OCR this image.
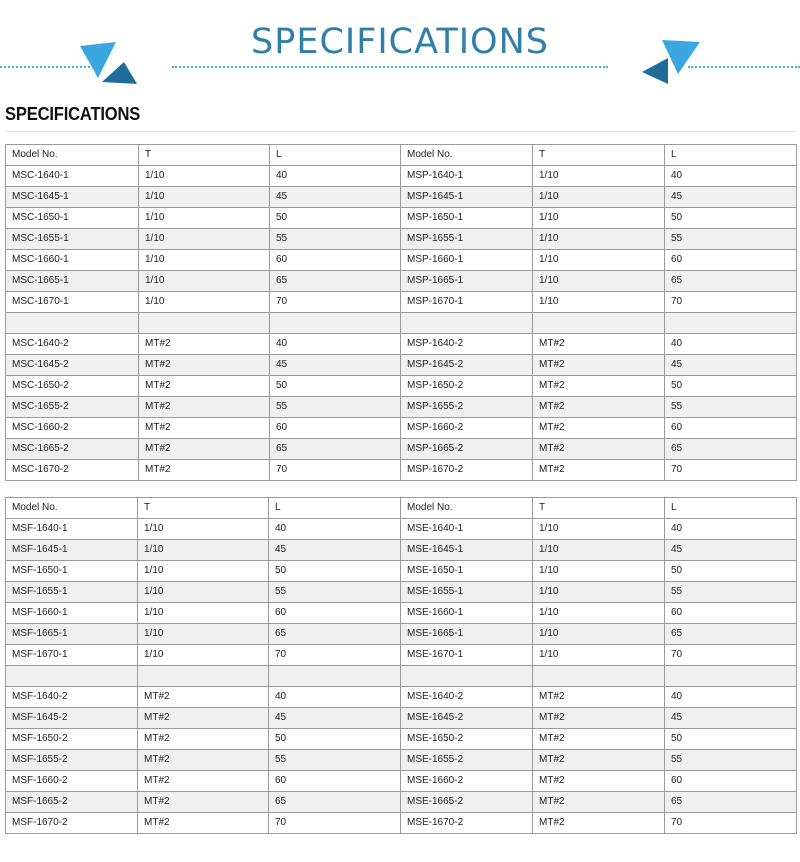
SPECIFICATIONS
SPECIFICATIONS
Model No.	T	L	Model No.	T	L
MSC-1640-1	1/10	40	MSP-1640-1	1/10	40
MSC-1645-1	1/10	45	MSP-1645-1	1/10	45
MSC-1650-1	1/10	50	MSP-1650-1	1/10	50
MSC-1655-1	1/10	55	MSP-1655-1	1/10	55
MSC-1660-1	1/10	60	MSP-1660-1	1/10	60
MSC-1665-1	1/10	65	MSP-1665-1	1/10	65
MSC-1670-1	1/10	70	MSP-1670-1	1/10	70

MSC-1640-2	MT#2	40	MSP-1640-2	MT#2	40
MSC-1645-2	MT#2	45	MSP-1645-2	MT#2	45
MSC-1650-2	MT#2	50	MSP-1650-2	MT#2	50
MSC-1655-2	MT#2	55	MSP-1655-2	MT#2	55
MSC-1660-2	MT#2	60	MSP-1660-2	MT#2	60
MSC-1665-2	MT#2	65	MSP-1665-2	MT#2	65
MSC-1670-2	MT#2	70	MSP-1670-2	MT#2	70
Model No.	T	L	Model No.	T	L
MSF-1640-1	1/10	40	MSE-1640-1	1/10	40
MSF-1645-1	1/10	45	MSE-1645-1	1/10	45
MSF-1650-1	1/10	50	MSE-1650-1	1/10	50
MSF-1655-1	1/10	55	MSE-1655-1	1/10	55
MSF-1660-1	1/10	60	MSE-1660-1	1/10	60
MSF-1665-1	1/10	65	MSE-1665-1	1/10	65
MSF-1670-1	1/10	70	MSE-1670-1	1/10	70

MSF-1640-2	MT#2	40	MSE-1640-2	MT#2	40
MSF-1645-2	MT#2	45	MSE-1645-2	MT#2	45
MSF-1650-2	MT#2	50	MSE-1650-2	MT#2	50
MSF-1655-2	MT#2	55	MSE-1655-2	MT#2	55
MSF-1660-2	MT#2	60	MSE-1660-2	MT#2	60
MSF-1665-2	MT#2	65	MSE-1665-2	MT#2	65
MSF-1670-2	MT#2	70	MSE-1670-2	MT#2	70
